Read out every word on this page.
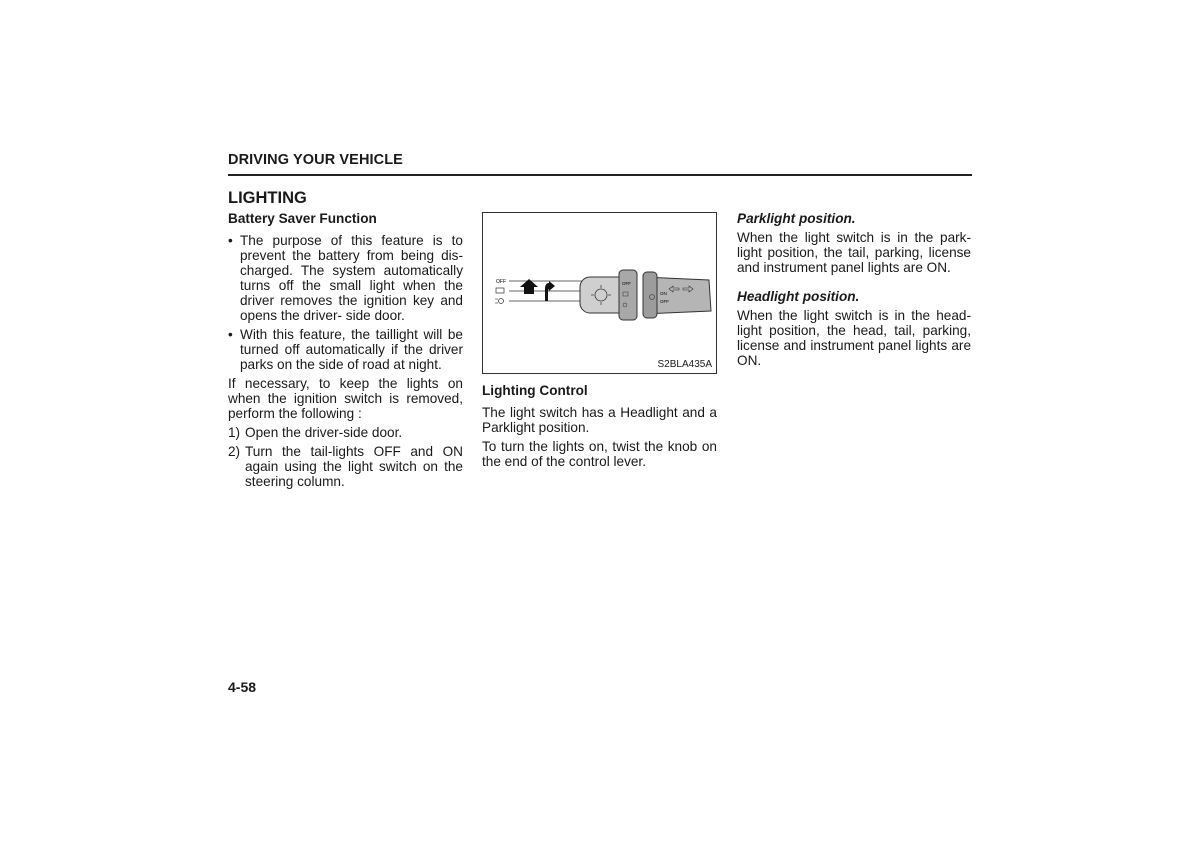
DRIVING YOUR VEHICLE
LIGHTING
Battery Saver Function
• The purpose of this feature is to prevent the battery from being dis- charged. The system automatically turns off the small light when the driver removes the ignition key and opens the driver- side door.
• With this feature, the taillight will be turned off automatically if the driver parks on the side of road at night.

If necessary, to keep the lights on when the ignition switch is removed, perform the following :

1) Open the driver-side door.
2) Turn the tail-lights OFF and ON again using the light switch on the steering column.
OFF	OFF
ON
OFF
S2BLA435A
Lighting Control

The light switch has a Headlight and a Parklight position.

To turn the lights on, twist the knob on the end of the control lever.

Parklight position.

When the light switch is in the park- light position, the tail, parking, license and instrument panel lights are ON.

Headlight position.

When the light switch is in the head- light position, the head, tail, parking, license and instrument panel lights are ON.

4-58
